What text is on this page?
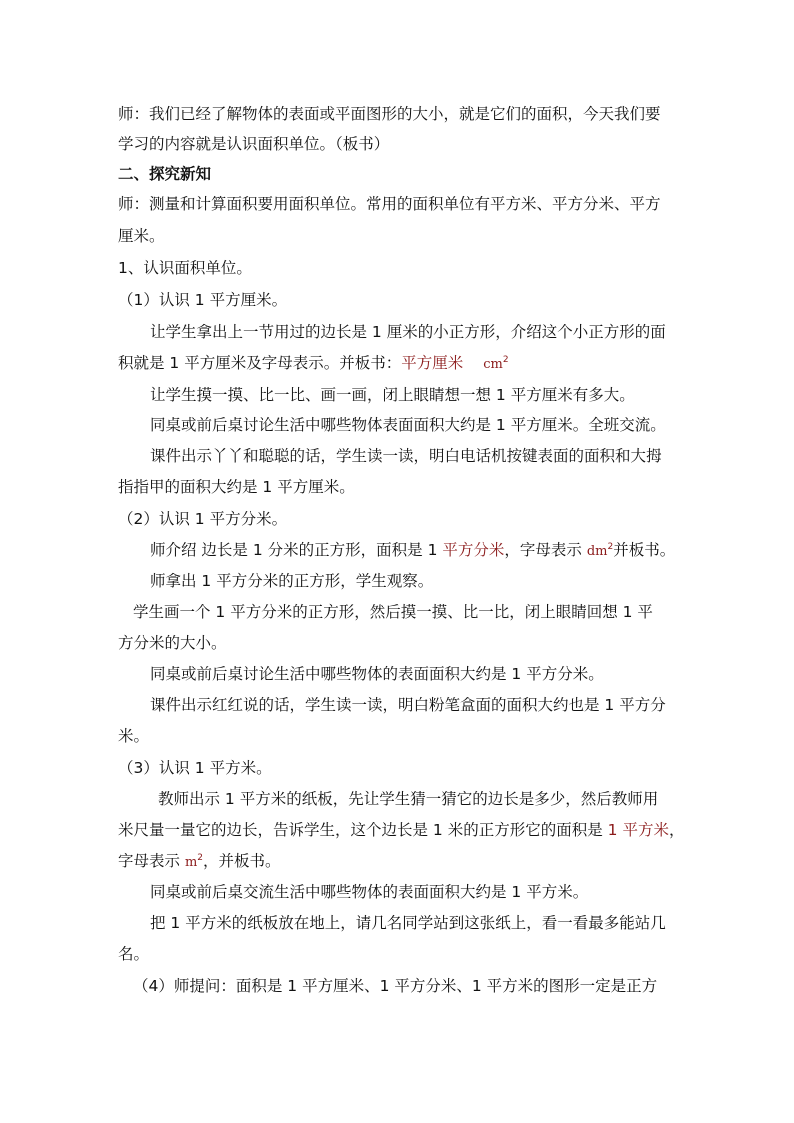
师：我们已经了解物体的表面或平面图形的大小，就是它们的面积，今天我们要
学习的内容就是认识面积单位。（板书）
二、探究新知
师：测量和计算面积要用面积单位。常用的面积单位有平方米、平方分米、平方
厘米。
1、认识面积单位。
（1）认识 1 平方厘米。
让学生拿出上一节用过的边长是 1 厘米的小正方形，介绍这个小正方形的面
积就是 1 平方厘米及字母表示。并板书：平方厘米 $cm^2$
让学生摸一摸、比一比、画一画，闭上眼睛想一想 1 平方厘米有多大。
同桌或前后桌讨论生活中哪些物体表面面积大约是 1 平方厘米。全班交流。
课件出示丫丫和聪聪的话，学生读一读，明白电话机按键表面的面积和大拇
指指甲的面积大约是 1 平方厘米。
（2）认识 1 平方分米。
师介绍 边长是 1 分米的正方形，面积是 1 平方分米，字母表示 $dm^2$并板书。
师拿出 1 平方分米的正方形，学生观察。
学生画一个 1 平方分米的正方形，然后摸一摸、比一比，闭上眼睛回想 1 平
方分米的大小。
同桌或前后桌讨论生活中哪些物体的表面面积大约是 1 平方分米。
课件出示红红说的话，学生读一读，明白粉笔盒面的面积大约也是 1 平方分
米。
（3）认识 1 平方米。
教师出示 1 平方米的纸板，先让学生猜一猜它的边长是多少，然后教师用
米尺量一量它的边长，告诉学生，这个边长是 1 米的正方形它的面积是 1 平方米，
字母表示 $m^2$，并板书。
同桌或前后桌交流生活中哪些物体的表面面积大约是 1 平方米。
把 1 平方米的纸板放在地上，请几名同学站到这张纸上，看一看最多能站几
名。
（4）师提问：面积是 1 平方厘米、1 平方分米、1 平方米的图形一定是正方
